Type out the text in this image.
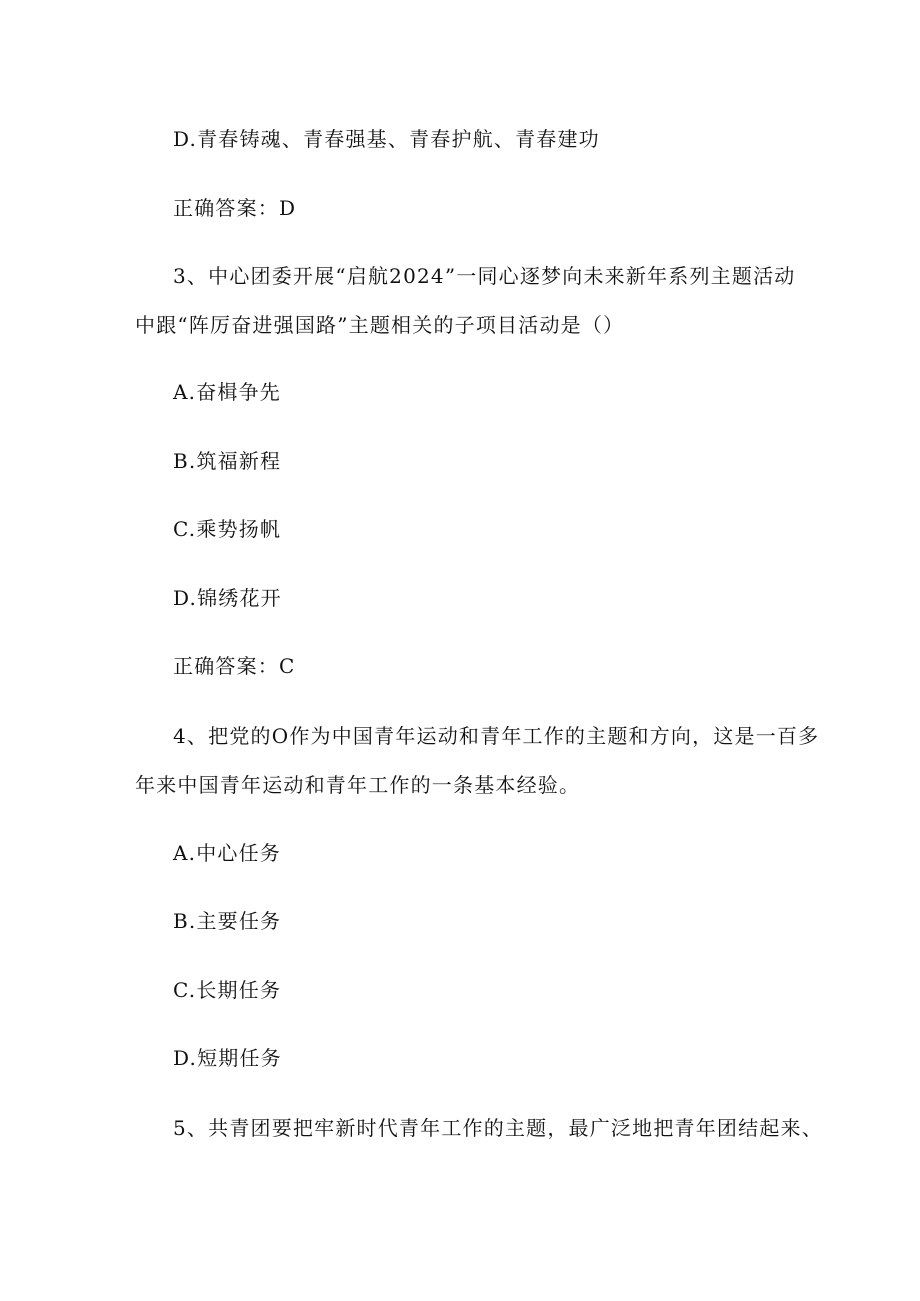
D.青春铸魂、青春强基、青春护航、青春建功
正确答案：D
3、中心团委开展“启航2024”一同心逐梦向未来新年系列主题活动
中跟“阵厉奋进强国路”主题相关的子项目活动是（）
A.奋楫争先
B.筑福新程
C.乘势扬帆
D.锦绣花开
正确答案：C
4、把党的O作为中国青年运动和青年工作的主题和方向，这是一百多
年来中国青年运动和青年工作的一条基本经验。
A.中心任务
B.主要任务
C.长期任务
D.短期任务
5、共青团要把牢新时代青年工作的主题，最广泛地把青年团结起来、
